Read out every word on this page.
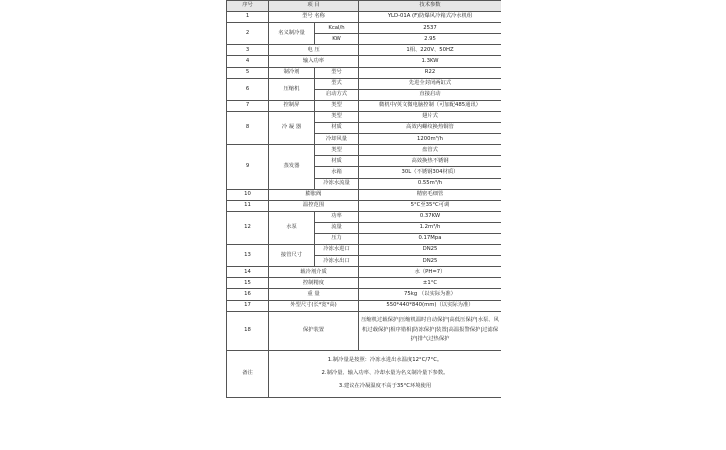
序号	项 目		技术参数
1	型号 名称		YLD-01A (F)防爆风冷箱式冷水机组
2	名义制冷量	Kcal/h	2537
		KW	2.95
3	电 压		1相、220V、50HZ
4	输入功率		1.3KW
5	制冷剂	型号	R22
6	压缩机	型式	先进全封闭两缸式
		启动方式	直接启动
7	控制屏	类型	微机中/英文微电脑控制（可加配485通讯）
8	冷 凝 器	类型	翅片式
		材质	高效内螺纹换热铜管
		冷却风量	1200m³/h
9	蒸发器	类型	盘管式
		材质	高效换热不锈钢
		水箱	30L（不锈钢304材质）
		冷冻水流量	0.55m³/h
10	膨胀阀		精密毛细管
11	温控范围		5°C至35°C可调
12	水泵	功率	0.37KW
		流量	1.2m³/h
		压力	0.17Mpa
13	接管尺寸	冷冻水进口	DN25
		冷冻水出口	DN25
14	载冷剂介质		水（PH=7）
15	控制精度		±1°C
16	重 量		75kg （以实际为准）
17	外型尺寸(长*宽*高)		550*440*840(mm)（以实际为准）
18	保护装置		压缩机过载保护|压缩机温时自动保护|高低压保护|水泵、风机过载保护|相序错相|防冻保护|装置|高温报警保护|过滤保护|排气过热保护
备注	1.制冷量是按照：冷冻水进出水温度12°C/7°C。
2.制冷量、输入功率、冷却水量为名义制冷量下参数。
3.建议在冷凝温度不高于35°C环境使用		
